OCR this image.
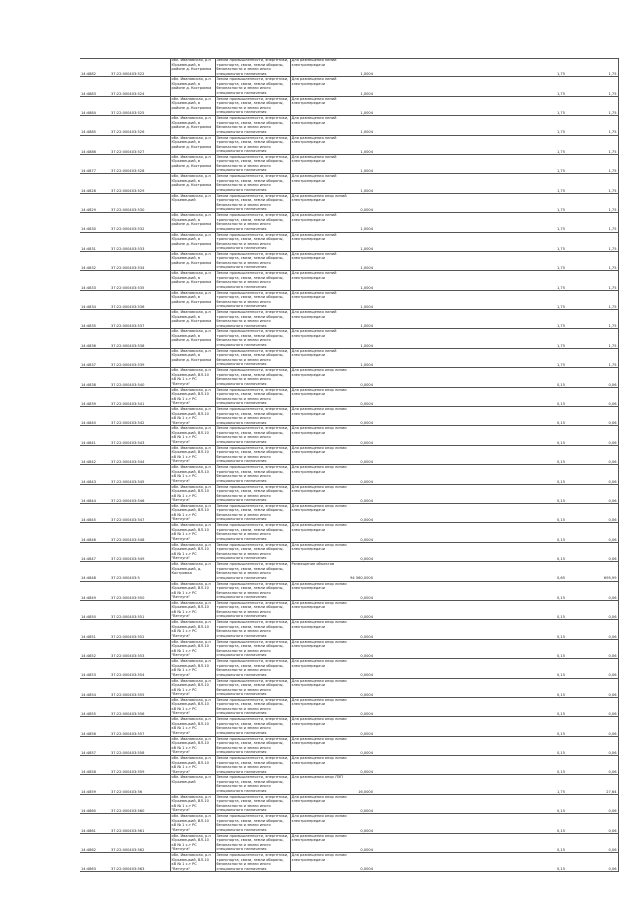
14:4882	37:22:000403:522	обл. Ивановская, р-н Юрьевецкий, в районе д. Костромка	Земли промышленности, энергетики, транспорта, связи, земли обороны, безопасности и земли иного специального назначения	Для размещения линий электропередачи	1,0004					1,75	1,75
14:4883	37:22:000403:524	обл. Ивановская, р-н Юрьевецкий, в районе д. Костромка	Земли промышленности, энергетики, транспорта, связи, земли обороны, безопасности и земли иного специального назначения	Для размещения линий электропередачи	1,0004					1,75	1,75
14:4884	37:22:000403:525	обл. Ивановская, р-н Юрьевецкий, в районе д. Костромка	Земли промышленности, энергетики, транспорта, связи, земли обороны, безопасности и земли иного специального назначения	Для размещения линий электропередачи	1,0004					1,75	1,75
14:4885	37:22:000403:526	обл. Ивановская, р-н Юрьевецкий, в районе д. Костромка	Земли промышленности, энергетики, транспорта, связи, земли обороны, безопасности и земли иного специального назначения	Для размещения линий электропередачи	1,0004					1,75	1,75
14:4886	37:22:000403:527	обл. Ивановская, р-н Юрьевецкий, в районе д. Костромка	Земли промышленности, энергетики, транспорта, связи, земли обороны, безопасности и земли иного специального назначения	Для размещения линий электропередачи	1,0004					1,75	1,75
14:4877	37:22:000403:528	обл. Ивановская, р-н Юрьевецкий, в районе д. Костромка	Земли промышленности, энергетики, транспорта, связи, земли обороны, безопасности и земли иного специального назначения	Для размещения линий электропередачи	1,0004					1,75	1,75
14:4828	37:22:000403:529	обл. Ивановская, р-н Юрьевецкий, в районе д. Костромка	Земли промышленности, энергетики, транспорта, связи, земли обороны, безопасности и земли иного специального назначения	Для размещения линий электропередачи	1,0004					1,75	1,75
14:4829	37:22:000403:530	обл. Ивановская, р-н Юрьевецкий	Земли промышленности, энергетики, транспорта, связи, земли обороны, безопасности и земли иного специального назначения	Для размещения опор линий электропередачи	0,0004					1,75	1,75
14:4830	37:22:000403:532	обл. Ивановская, р-н Юрьевецкий, в районе д. Костромка	Земли промышленности, энергетики, транспорта, связи, земли обороны, безопасности и земли иного специального назначения	Для размещения линий электропередачи	1,0004					1,75	1,75
14:4831	37:22:000403:533	обл. Ивановская, р-н Юрьевецкий, в районе д. Костромка	Земли промышленности, энергетики, транспорта, связи, земли обороны, безопасности и земли иного специального назначения	Для размещения линий электропередачи	1,0004					1,75	1,75
14:4832	37:22:000403:534	обл. Ивановская, р-н Юрьевецкий, в районе д. Костромка	Земли промышленности, энергетики, транспорта, связи, земли обороны, безопасности и земли иного специального назначения	Для размещения линий электропередачи	1,0004					1,75	1,75
14:4833	37:22:000403:535	обл. Ивановская, р-н Юрьевецкий, в районе д. Костромка	Земли промышленности, энергетики, транспорта, связи, земли обороны, безопасности и земли иного специального назначения	Для размещения линий электропередачи	1,0004					1,75	1,75
14:4834	37:22:000403:536	обл. Ивановская, р-н Юрьевецкий, в районе д. Костромка	Земли промышленности, энергетики, транспорта, связи, земли обороны, безопасности и земли иного специального назначения	Для размещения линий электропередачи	1,0004					1,75	1,75
14:4835	37:22:000403:537	обл. Ивановская, р-н Юрьевецкий, в районе д. Костромка	Земли промышленности, энергетики, транспорта, связи, земли обороны, безопасности и земли иного специального назначения	Для размещения линий электропередачи	1,0004					1,75	1,75
14:4836	37:22:000403:538	обл. Ивановская, р-н Юрьевецкий, в районе д. Костромка	Земли промышленности, энергетики, транспорта, связи, земли обороны, безопасности и земли иного специального назначения	Для размещения линий электропередачи	1,0004					1,75	1,75
14:4837	37:22:000403:539	обл. Ивановская, р-н Юрьевецкий, в районе д. Костромка	Земли промышленности, энергетики, транспорта, связи, земли обороны, безопасности и земли иного специального назначения	Для размещения линий электропередачи	1,0004					1,75	1,75
14:4838	37:22:000403:540	обл. Ивановская, р-н Юрьевецкий, ВЛ-10 кВ № 1 с-т РС "Ветлуга"	Земли промышленности, энергетики, транспорта, связи, земли обороны, безопасности и земли иного специального назначения	Для размещения опор линии электропередачи	0,0004					0,15	0,06
14:4839	37:22:000403:541	обл. Ивановская, р-н Юрьевецкий, ВЛ-10 кВ № 1 с-т РС "Ветлуга"	Земли промышленности, энергетики, транспорта, связи, земли обороны, безопасности и земли иного специального назначения	Для размещения опор линии электропередачи	0,0004					0,15	0,06
14:4840	37:22:000403:542	обл. Ивановская, р-н Юрьевецкий, ВЛ-10 кВ № 1 с-т РС "Ветлуга"	Земли промышленности, энергетики, транспорта, связи, земли обороны, безопасности и земли иного специального назначения	Для размещения опор линии электропередачи	0,0004					0,15	0,06
14:4841	37:22:000403:543	обл. Ивановская, р-н Юрьевецкий, ВЛ-10 кВ № 1 с-т РС "Ветлуга"	Земли промышленности, энергетики, транспорта, связи, земли обороны, безопасности и земли иного специального назначения	Для размещения опор линии электропередачи	0,0004					0,15	0,06
14:4842	37:22:000403:544	обл. Ивановская, р-н Юрьевецкий, ВЛ-10 кВ № 1 с-т РС "Ветлуга"	Земли промышленности, энергетики, транспорта, связи, земли обороны, безопасности и земли иного специального назначения	Для размещения опор линии электропередачи	0,0004					0,15	0,06
14:4843	37:22:000403:545	обл. Ивановская, р-н Юрьевецкий, ВЛ-10 кВ № 1 с-т РС "Ветлуга"	Земли промышленности, энергетики, транспорта, связи, земли обороны, безопасности и земли иного специального назначения	Для размещения опор линии электропередачи	0,0004					0,15	0,06
14:4844	37:22:000403:546	обл. Ивановская, р-н Юрьевецкий, ВЛ-10 кВ № 1 с-т РС "Ветлуга"	Земли промышленности, энергетики, транспорта, связи, земли обороны, безопасности и земли иного специального назначения	Для размещения опор линии электропередачи	0,0004					0,15	0,06
14:4845	37:22:000403:547	обл. Ивановская, р-н Юрьевецкий, ВЛ-10 кВ № 1 с-т РС "Ветлуга"	Земли промышленности, энергетики, транспорта, связи, земли обороны, безопасности и земли иного специального назначения	Для размещения опор линии электропередачи	0,0004					0,15	0,06
14:4846	37:22:000403:548	обл. Ивановская, р-н Юрьевецкий, ВЛ-10 кВ № 1 с-т РС "Ветлуга"	Земли промышленности, энергетики, транспорта, связи, земли обороны, безопасности и земли иного специального назначения	Для размещения опор линии электропередачи	0,0004					0,15	0,06
14:4847	37:22:000403:549	обл. Ивановская, р-н Юрьевецкий, ВЛ-10 кВ № 1 с-т РС "Ветлуга"	Земли промышленности, энергетики, транспорта, связи, земли обороны, безопасности и земли иного специального назначения	Для размещения опор линии электропередачи	0,0004					0,15	0,06
14:4848	37:22:000403:5	обл. Ивановская, р-н Юрьевецкий, д. Костромка	Земли промышленности, энергетики, транспорта, связи, земли обороны, безопасности и земли иного специального назначения	Размещение объектов	94 560,0000					0,65	695,99
14:4849	37:22:000403:550	обл. Ивановская, р-н Юрьевецкий, ВЛ-10 кВ № 1 с-т РС "Ветлуга"	Земли промышленности, энергетики, транспорта, связи, земли обороны, безопасности и земли иного специального назначения	Для размещения опор линии электропередачи	0,0004					0,15	0,06
14:4850	37:22:000403:551	обл. Ивановская, р-н Юрьевецкий, ВЛ-10 кВ № 1 с-т РС "Ветлуга"	Земли промышленности, энергетики, транспорта, связи, земли обороны, безопасности и земли иного специального назначения	Для размещения опор линии электропередачи	0,0004					0,15	0,06
14:4851	37:22:000403:552	обл. Ивановская, р-н Юрьевецкий, ВЛ-10 кВ № 1 с-т РС "Ветлуга"	Земли промышленности, энергетики, транспорта, связи, земли обороны, безопасности и земли иного специального назначения	Для размещения опор линии электропередачи	0,0004					0,15	0,06
14:4852	37:22:000403:553	обл. Ивановская, р-н Юрьевецкий, ВЛ-10 кВ № 1 с-т РС "Ветлуга"	Земли промышленности, энергетики, транспорта, связи, земли обороны, безопасности и земли иного специального назначения	Для размещения опор линии электропередачи	0,0004					0,15	0,06
14:4853	37:22:000403:554	обл. Ивановская, р-н Юрьевецкий, ВЛ-10 кВ № 1 с-т РС "Ветлуга"	Земли промышленности, энергетики, транспорта, связи, земли обороны, безопасности и земли иного специального назначения	Для размещения опор линии электропередачи	0,0004					0,15	0,06
14:4854	37:22:000403:555	обл. Ивановская, р-н Юрьевецкий, ВЛ-10 кВ № 1 с-т РС "Ветлуга"	Земли промышленности, энергетики, транспорта, связи, земли обороны, безопасности и земли иного специального назначения	Для размещения опор линии электропередачи	0,0004					0,15	0,06
14:4855	37:22:000403:556	обл. Ивановская, р-н Юрьевецкий, ВЛ-10 кВ № 1 с-т РС "Ветлуга"	Земли промышленности, энергетики, транспорта, связи, земли обороны, безопасности и земли иного специального назначения	Для размещения опор линии электропередачи	0,0004					0,15	0,06
14:4856	37:22:000403:557	обл. Ивановская, р-н Юрьевецкий, ВЛ-10 кВ № 1 с-т РС "Ветлуга"	Земли промышленности, энергетики, транспорта, связи, земли обороны, безопасности и земли иного специального назначения	Для размещения опор линии электропередачи	0,0004					0,15	0,06
14:4857	37:22:000403:558	обл. Ивановская, р-н Юрьевецкий, ВЛ-10 кВ № 1 с-т РС "Ветлуга"	Земли промышленности, энергетики, транспорта, связи, земли обороны, безопасности и земли иного специального назначения	Для размещения опор линии электропередачи	0,0004					0,15	0,06
14:4858	37:22:000403:559	обл. Ивановская, р-н Юрьевецкий, ВЛ-10 кВ № 1 с-т РС "Ветлуга"	Земли промышленности, энергетики, транспорта, связи, земли обороны, безопасности и земли иного специального назначения	Для размещения опор линии электропередачи	0,0004					0,15	0,06
14:4859	37:22:000403:56	обл. Ивановская, р-н Юрьевецкий	Земли промышленности, энергетики, транспорта, связи, земли обороны, безопасности и земли иного специального назначения	Для размещения опор ЛЭП	16,0000					1,75	27,64
14:4860	37:22:000403:560	обл. Ивановская, р-н Юрьевецкий, ВЛ-10 кВ № 1 с-т РС "Ветлуга"	Земли промышленности, энергетики, транспорта, связи, земли обороны, безопасности и земли иного специального назначения	Для размещения опор линии электропередачи	0,0004					0,15	0,06
14:4861	37:22:000403:561	обл. Ивановская, р-н Юрьевецкий, ВЛ-10 кВ № 1 с-т РС "Ветлуга"	Земли промышленности, энергетики, транспорта, связи, земли обороны, безопасности и земли иного специального назначения	Для размещения опор линии электропередачи	0,0004					0,15	0,06
14:4862	37:22:000403:562	обл. Ивановская, р-н Юрьевецкий, ВЛ-10 кВ № 1 с-т РС "Ветлуга"	Земли промышленности, энергетики, транспорта, связи, земли обороны, безопасности и земли иного специального назначения	Для размещения опор линии электропередачи	0,0004					0,15	0,06
14:4863	37:22:000403:563	обл. Ивановская, р-н Юрьевецкий, ВЛ-10 кВ № 1 с-т РС "Ветлуга"	Земли промышленности, энергетики, транспорта, связи, земли обороны, безопасности и земли иного специального назначения	Для размещения опор линии электропередачи	0,0004					0,15	0,06
